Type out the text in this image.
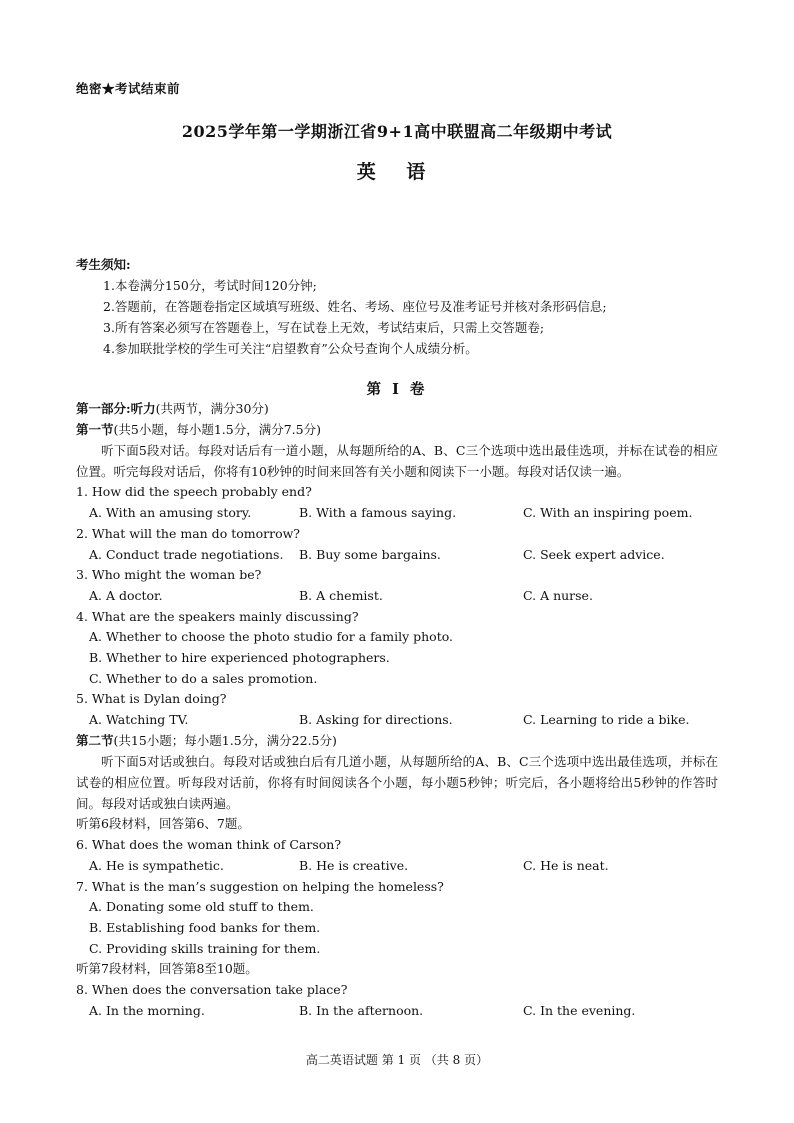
绝密★考试结束前
2025学年第一学期浙江省9+1高中联盟高二年级期中考试
英 语
考生须知:
1.本卷满分150分，考试时间120分钟;
2.答题前，在答题卷指定区域填写班级、姓名、考场、座位号及准考证号并核对条形码信息;
3.所有答案必须写在答题卷上，写在试卷上无效，考试结束后，只需上交答题卷;
4.参加联批学校的学生可关注“启望教育”公众号查询个人成绩分析。
第 I 卷
第一部分:听力(共两节，满分30分)
第一节(共5小题，每小题1.5分，满分7.5分)
听下面5段对话。每段对话后有一道小题，从每题所给的A、B、C三个选项中选出最佳选项，并标在试卷的相应位置。听完每段对话后，你将有10秒钟的时间来回答有关小题和阅读下一小题。每段对话仅读一遍。
1. How did the speech probably end?
A. With an amusing story.	B. With a famous saying.	C. With an inspiring poem.
2. What will the man do tomorrow?
A. Conduct trade negotiations. B. Buy some bargains.	C. Seek expert advice.
3. Who might the woman be?
A. A doctor.	B. A chemist.	C. A nurse.
4. What are the speakers mainly discussing?
A. Whether to choose the photo studio for a family photo.
B. Whether to hire experienced photographers.
C. Whether to do a sales promotion.
5. What is Dylan doing?
A. Watching TV.	B. Asking for directions.	C. Learning to ride a bike.
第二节(共15小题；每小题1.5分，满分22.5分)
听下面5对话或独白。每段对话或独白后有几道小题，从每题所给的A、B、C三个选项中选出最佳选项，并标在试卷的相应位置。听每段对话前，你将有时间阅读各个小题，每小题5秒钟；听完后，各小题将给出5秒钟的作答时间。每段对话或独白读两遍。
听第6段材料，回答第6、7题。
6. What does the woman think of Carson?
A. He is sympathetic.	B. He is creative.	C. He is neat.
7. What is the man’s suggestion on helping the homeless?
A. Donating some old stuff to them.
B. Establishing food banks for them.
C. Providing skills training for them.
听第7段材料，回答第8至10题。
8. When does the conversation take place?
A. In the morning.	B. In the afternoon.	C. In the evening.
高二英语试题 第 1 页 （共 8 页）
